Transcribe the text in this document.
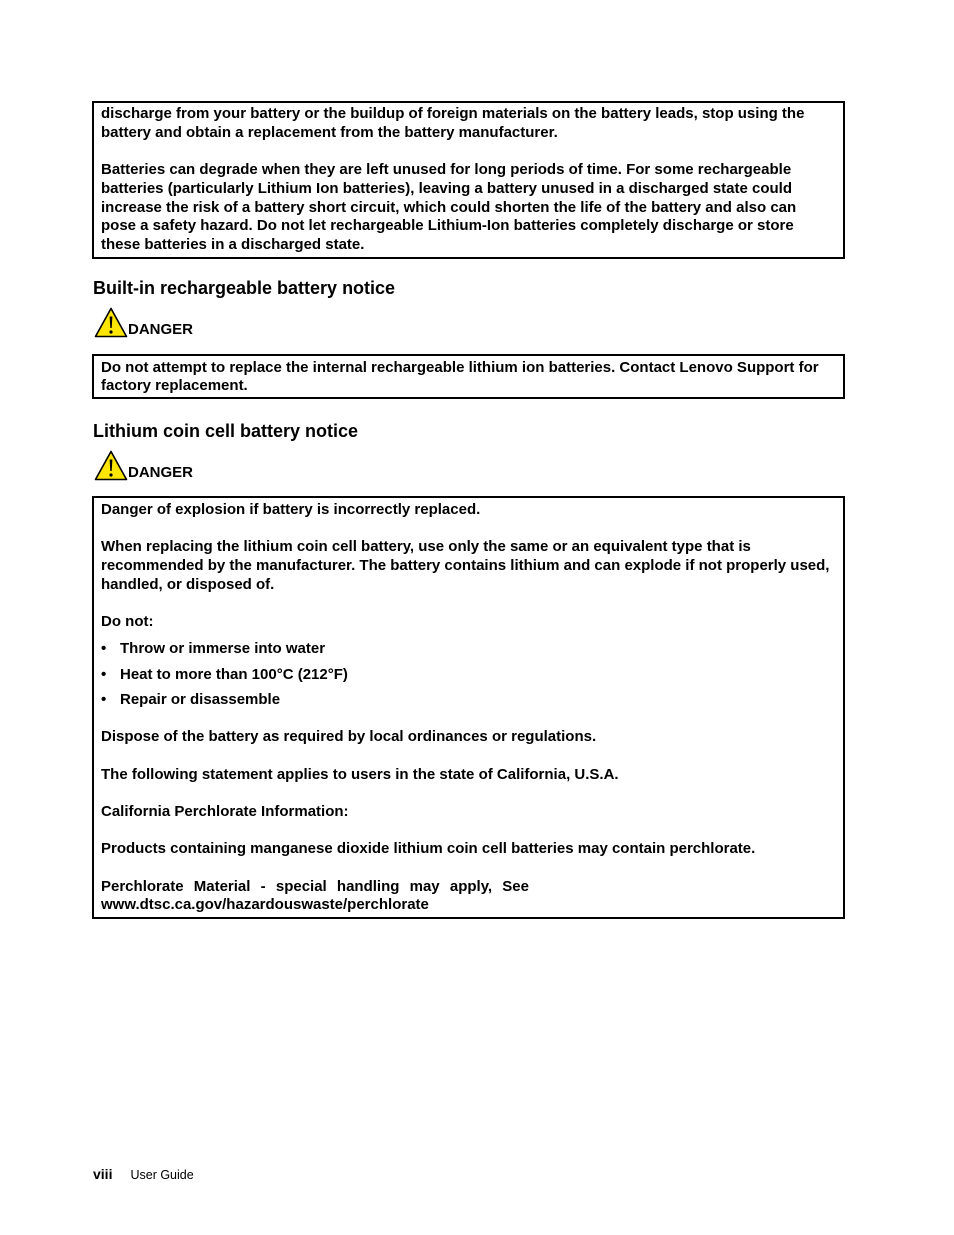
discharge from your battery or the buildup of foreign materials on the battery leads, stop using the battery and obtain a replacement from the battery manufacturer.

Batteries can degrade when they are left unused for long periods of time. For some rechargeable batteries (particularly Lithium Ion batteries), leaving a battery unused in a discharged state could increase the risk of a battery short circuit, which could shorten the life of the battery and also can pose a safety hazard. Do not let rechargeable Lithium-Ion batteries completely discharge or store these batteries in a discharged state.

Built-in rechargeable battery notice
DANGER

Do not attempt to replace the internal rechargeable lithium ion batteries. Contact Lenovo Support for factory replacement.

Lithium coin cell battery notice
DANGER

Danger of explosion if battery is incorrectly replaced.

When replacing the lithium coin cell battery, use only the same or an equivalent type that is recommended by the manufacturer. The battery contains lithium and can explode if not properly used, handled, or disposed of.

Do not:

• Throw or immerse into water
• Heat to more than 100°C (212°F)
• Repair or disassemble

Dispose of the battery as required by local ordinances or regulations.

The following statement applies to users in the state of California, U.S.A.

California Perchlorate Information:

Products containing manganese dioxide lithium coin cell batteries may contain perchlorate.

Perchlorate Material - special handling may apply, See
www.dtsc.ca.gov/hazardouswaste/perchlorate

viii User Guide
